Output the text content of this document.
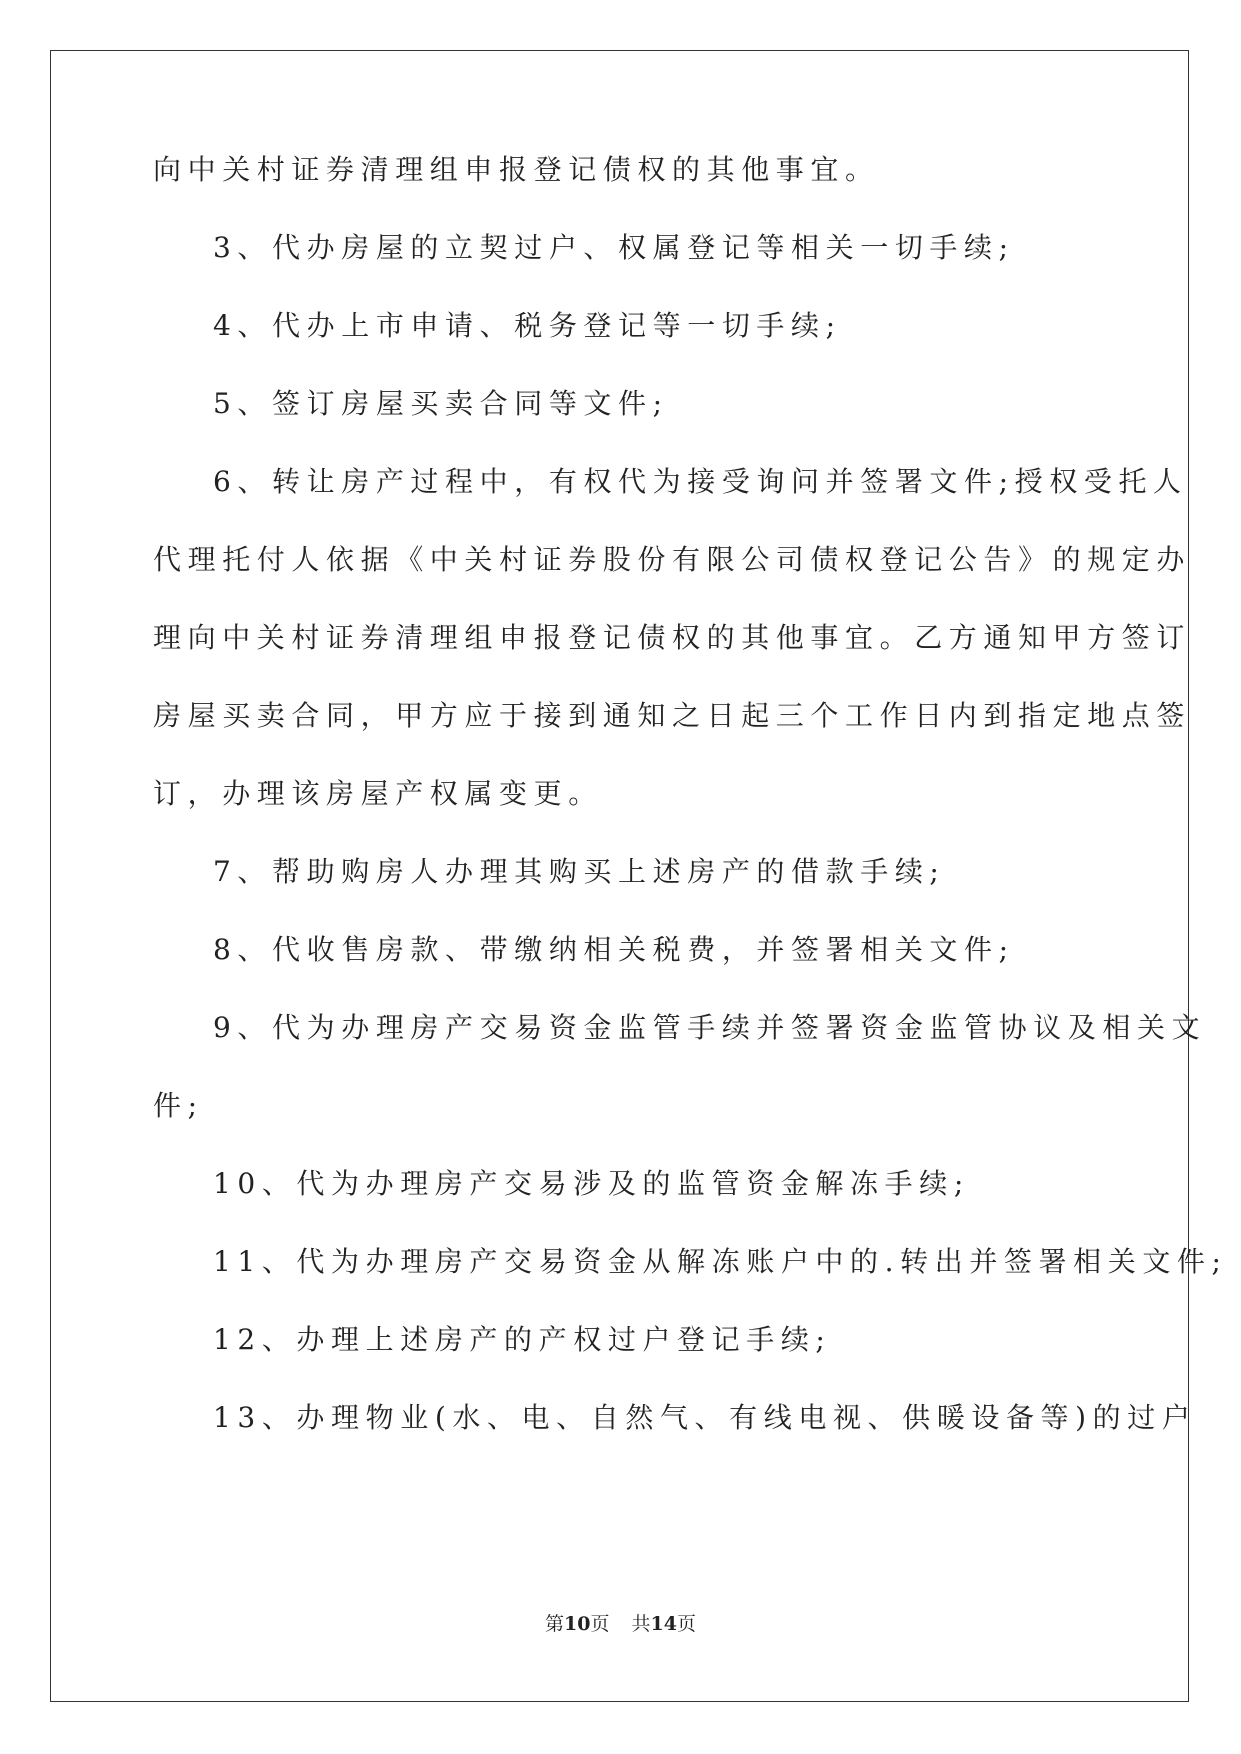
向中关村证券清理组申报登记债权的其他事宜。
3、代办房屋的立契过户、权属登记等相关一切手续;
4、代办上市申请、税务登记等一切手续;
5、签订房屋买卖合同等文件;
6、转让房产过程中，有权代为接受询问并签署文件;授权受托人
代理托付人依据《中关村证券股份有限公司债权登记公告》的规定办
理向中关村证券清理组申报登记债权的其他事宜。乙方通知甲方签订
房屋买卖合同，甲方应于接到通知之日起三个工作日内到指定地点签
订，办理该房屋产权属变更。
7、帮助购房人办理其购买上述房产的借款手续;
8、代收售房款、带缴纳相关税费，并签署相关文件;
9、代为办理房产交易资金监管手续并签署资金监管协议及相关文
件;
10、代为办理房产交易涉及的监管资金解冻手续;
11、代为办理房产交易资金从解冻账户中的.转出并签署相关文件;
12、办理上述房产的产权过户登记手续;
13、办理物业(水、电、自然气、有线电视、供暖设备等)的过户
第10页 共14页
